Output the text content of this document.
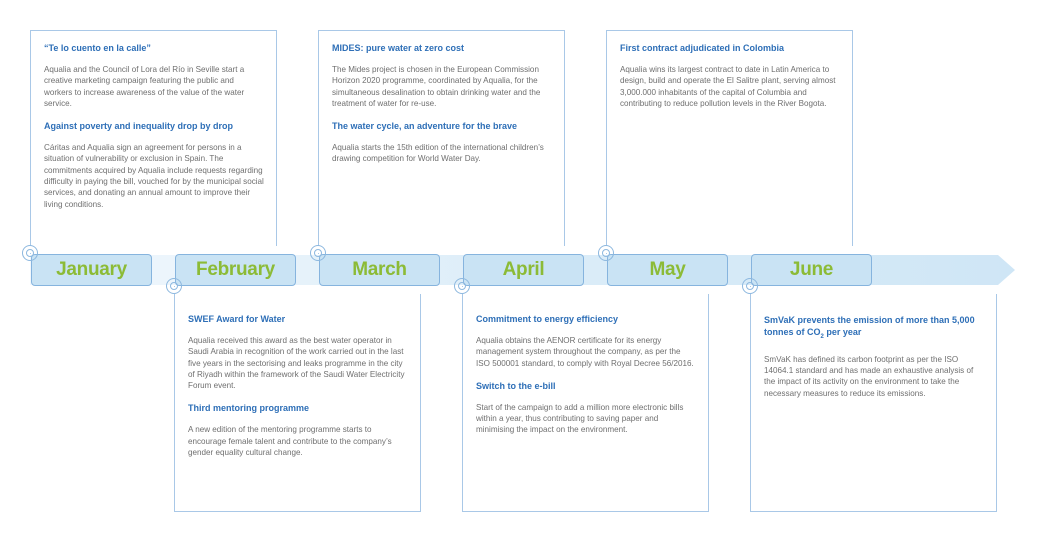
“Te lo cuento en la calle”
Aqualia and the Council of Lora del Río in Seville start a creative marketing campaign featuring the public and workers to increase awareness of the value of the water service.
Against poverty and inequality drop by drop
Cáritas and Aqualia sign an agreement for persons in a situation of vulnerability or exclusion in Spain. The commitments acquired by Aqualia include requests regarding difficulty in paying the bill, vouched for by the municipal social services, and donating an annual amount to improve their living conditions.
MIDES: pure water at zero cost
The Mides project is chosen in the European Commission Horizon 2020 programme, coordinated by Aqualia, for the simultaneous desalination to obtain drinking water and the treatment of water for re-use.
The water cycle, an adventure for the brave
Aqualia starts the 15th edition of the international children’s drawing competition for World Water Day.
First contract adjudicated in Colombia
Aqualia wins its largest contract to date in Latin America to design, build and operate the El Salitre plant, serving almost 3,000.000 inhabitants of the capital of Columbia and contributing to reduce pollution levels in the River Bogota.
SWEF Award for Water
Aqualia received this award as the best water operator in Saudi Arabia in recognition of the work carried out in the last five years in the sectorising and leaks programme in the city of Riyadh within the framework of the Saudi Water Electricity Forum event.
Third mentoring programme
A new edition of the mentoring programme starts to encourage female talent and contribute to the company’s gender equality cultural change.
Commitment to energy efficiency
Aqualia obtains the AENOR certificate for its energy management system throughout the company, as per the ISO 500001 standard, to comply with Royal Decree 56/2016.
Switch to the e-bill
Start of the campaign to add a million more electronic bills within a year, thus contributing to saving paper and minimising the impact on the environment.
SmVaK prevents the emission of more than 5,000 tonnes of $CO_2$ per year
SmVaK has defined its carbon footprint as per the ISO 14064.1 standard and has made an exhaustive analysis of the impact of its activity on the environment to take the necessary measures to reduce its emissions.
January	February	March	April	May	June
